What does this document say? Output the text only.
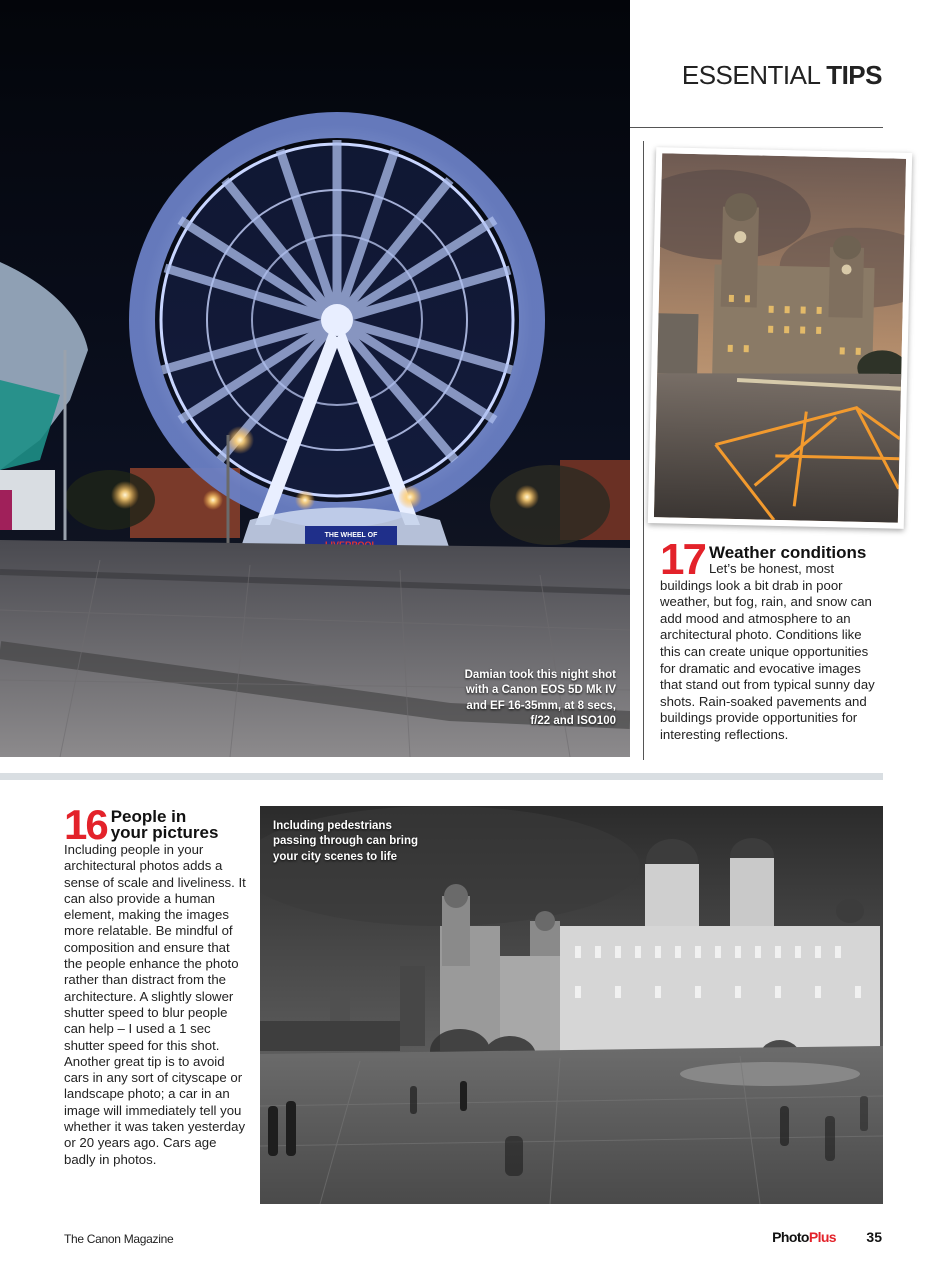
THE WHEEL OF
Damian took this night shot with a Canon EOS 5D Mk IV and EF 16-35mm, at 8 secs, f/22 and ISO100
ESSENTIAL TIPS
17 Weather conditions
Let’s be honest, most buildings look a bit drab in poor weather, but fog, rain, and snow can add mood and atmosphere to an architectural photo. Conditions like this can create unique opportunities for dramatic and evocative images that stand out from typical sunny day shots. Rain-soaked pavements and buildings provide opportunities for interesting reflections.
16 People in
your pictures
Including people in your architectural photos adds a sense of scale and liveliness. It can also provide a human element, making the images more relatable. Be mindful of composition and ensure that the people enhance the photo rather than distract from the architecture. A slightly slower shutter speed to blur people can help – I used a 1 sec shutter speed for this shot. Another great tip is to avoid cars in any sort of cityscape or landscape photo; a car in an image will immediately tell you whether it was taken yesterday or 20 years ago. Cars age badly in photos.
Including pedestrians passing through can bring your city scenes to life
The Canon Magazine	PhotoPlus 35
